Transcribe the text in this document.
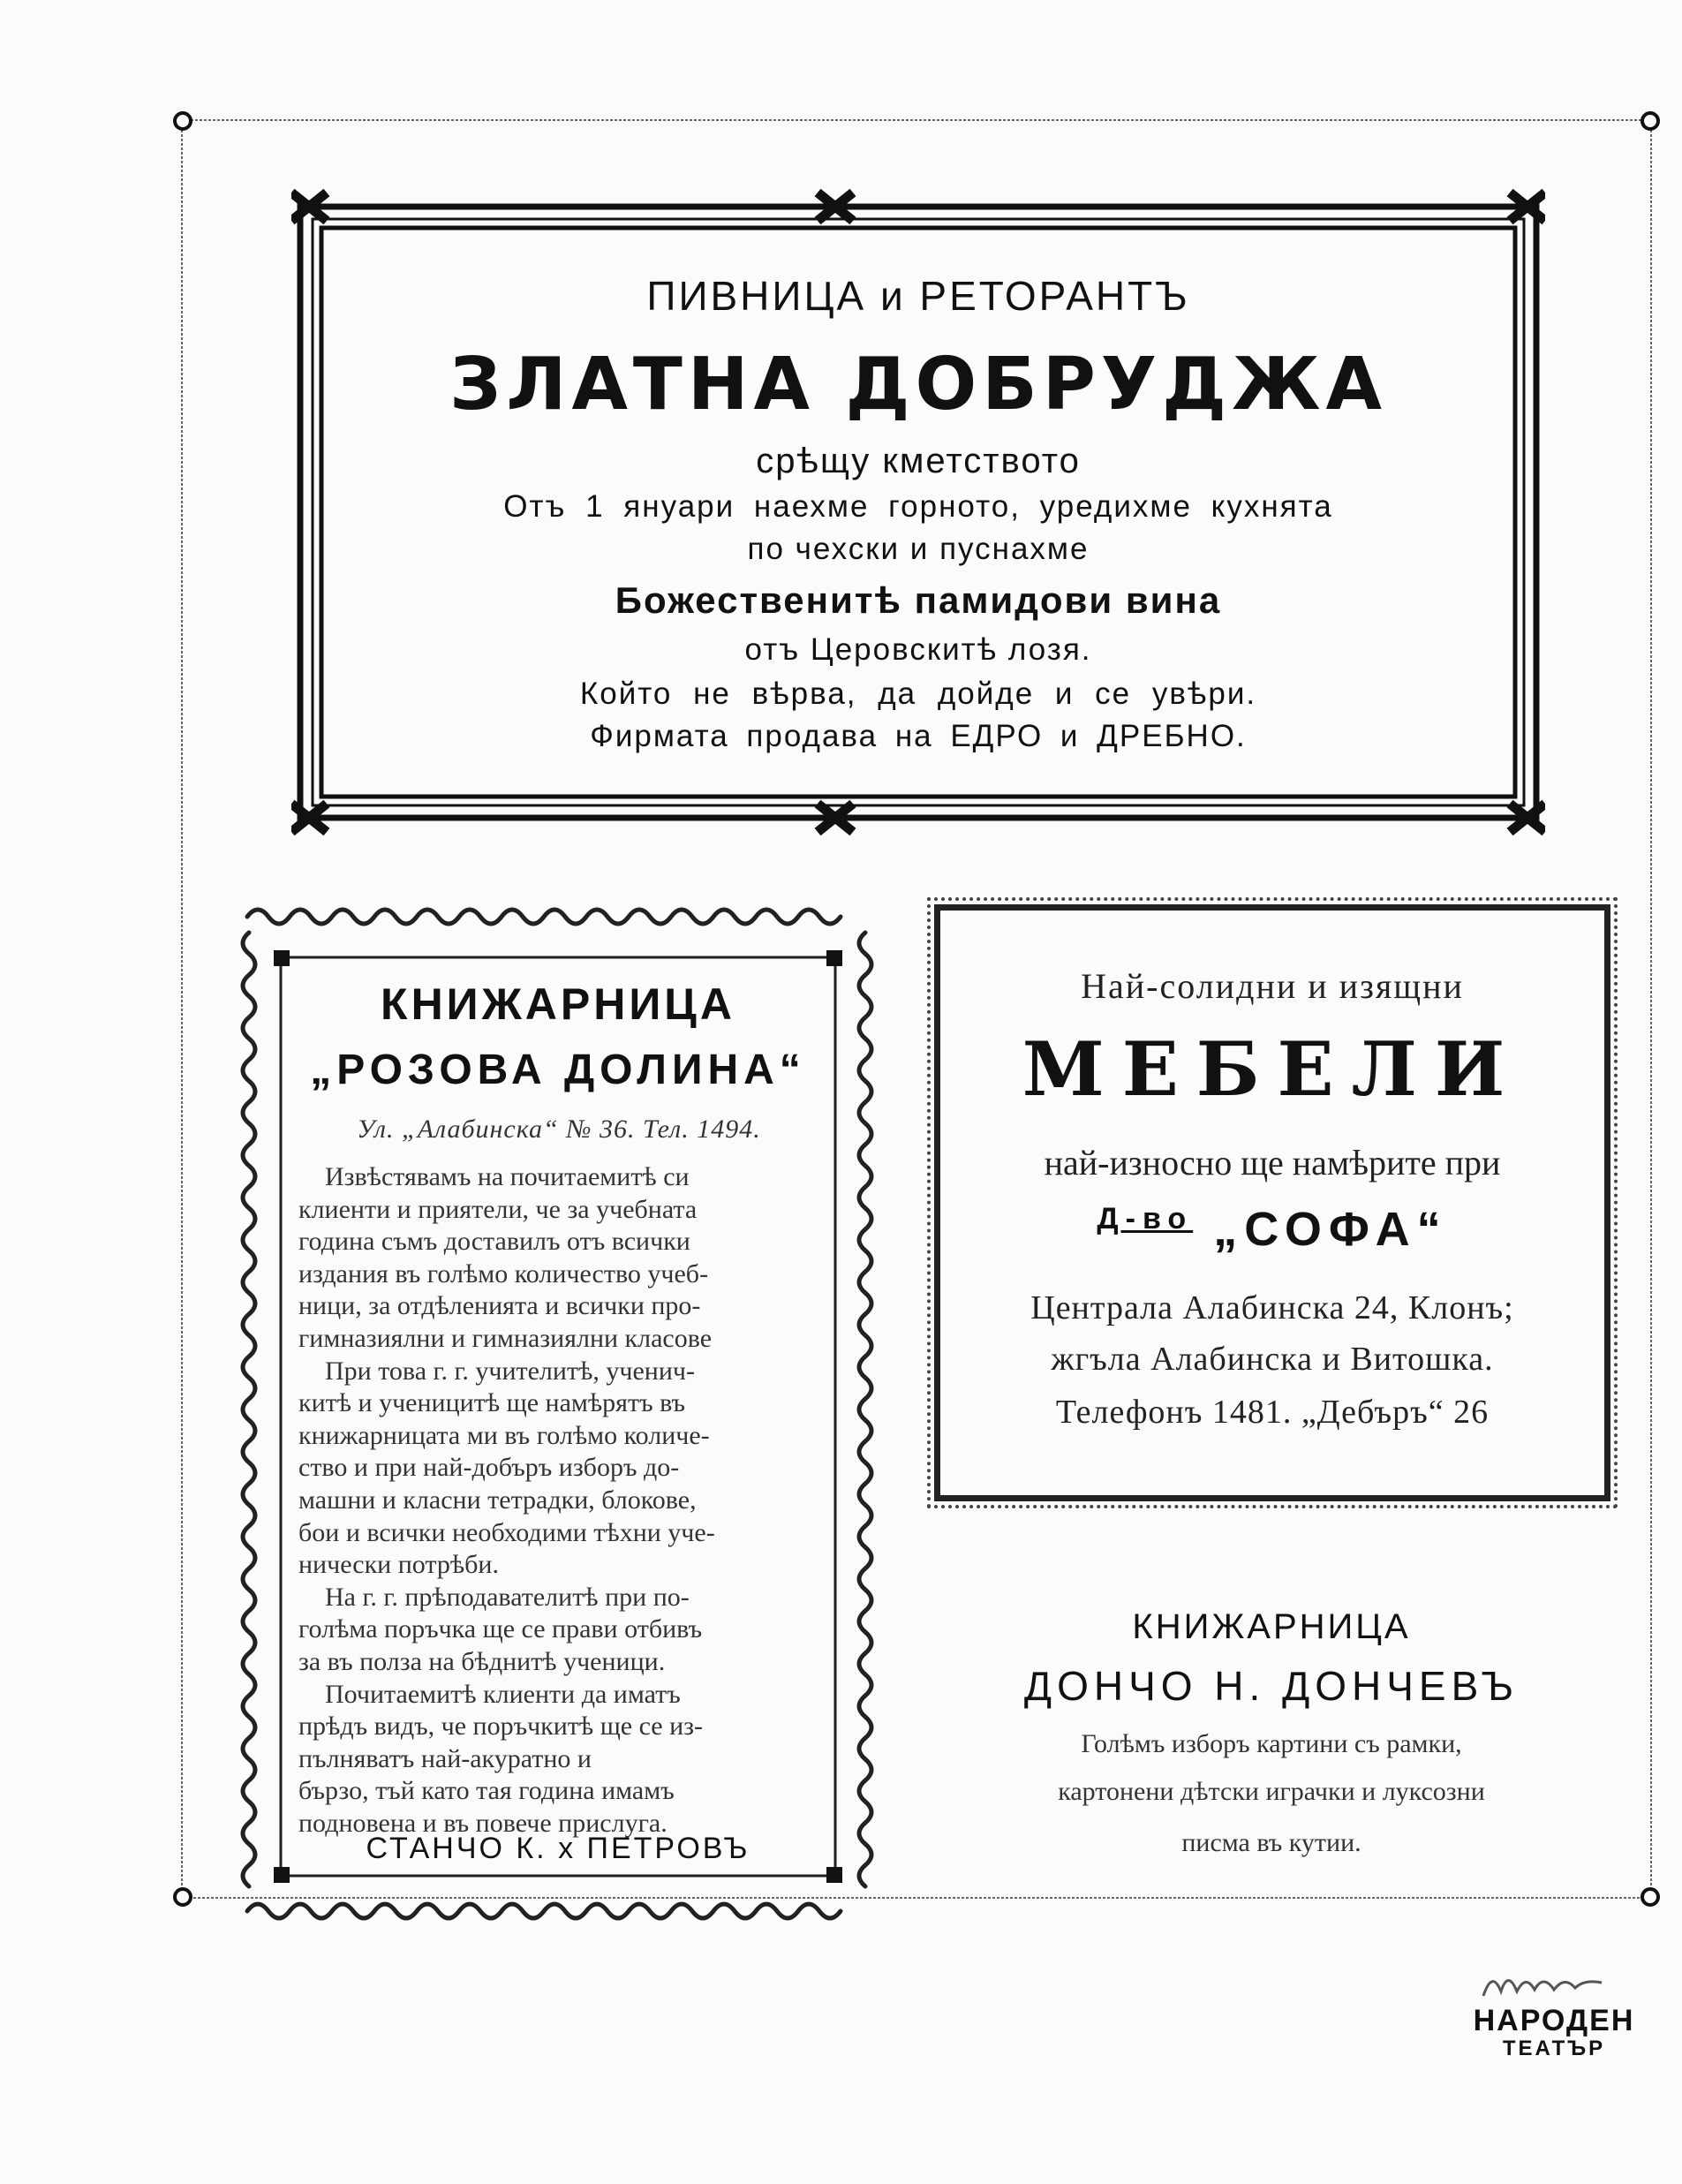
ПИВНИЦА и РЕТОРАНТЪ
ЗЛАТНА ДОБРУДЖА
срѣщу кметството
Отъ 1 януари наехме горното, уредихме кухнята
по чехски и пуснахме
Божественитѣ памидови вина
отъ Церовскитѣ лозя.
Който не вѣрва, да дойде и се увѣри.
Фирмата продава на ЕДРО и ДРЕБНО.
КНИЖАРНИЦА
„РОЗОВА ДОЛИНА“
Ул. „Алабинска“ № 36. Тел. 1494.
Извѣстявамъ на почитаемитѣ си
клиенти и приятели, че за учебната
година съмъ доставилъ отъ всички
издания въ голѣмо количество учеб-
ници, за отдѣленията и всички про-
гимназиялни и гимназиялни класове
При това г. г. учителитѣ, ученич-
китѣ и ученицитѣ ще намѣрятъ въ
книжарницата ми въ голѣмо количе-
ство и при най-добъръ изборъ до-
машни и класни тетрадки, блокове,
бои и всички необходими тѣхни уче-
нически потрѣби.
На г. г. прѣподавателитѣ при по-
голѣма поръчка ще се прави отбивъ
за въ полза на бѣднитѣ ученици.
Почитаемитѣ клиенти да иматъ
прѣдъ видъ, че поръчкитѣ ще се из-
пълняватъ най-акуратно и
бързо, тъй като тая година имамъ
подновена и въ повече прислуга.
СТАНЧО К. х ПЕТРОВЪ
Най-солидни и изящни
МЕБЕЛИ
най-износно ще намѣрите при
$^{Д-во}$ „СОФА“
Централа Алабинска 24, Клонъ;
жгъла Алабинска и Витошка.
Телефонъ 1481. „Дебъръ“ 26
КНИЖАРНИЦА
ДОНЧО Н. ДОНЧЕВЪ
Голѣмъ изборъ картини съ рамки,
картонени дѣтски играчки и луксозни
писма въ кутии.
НАРОДЕН
ТЕАТЪР
